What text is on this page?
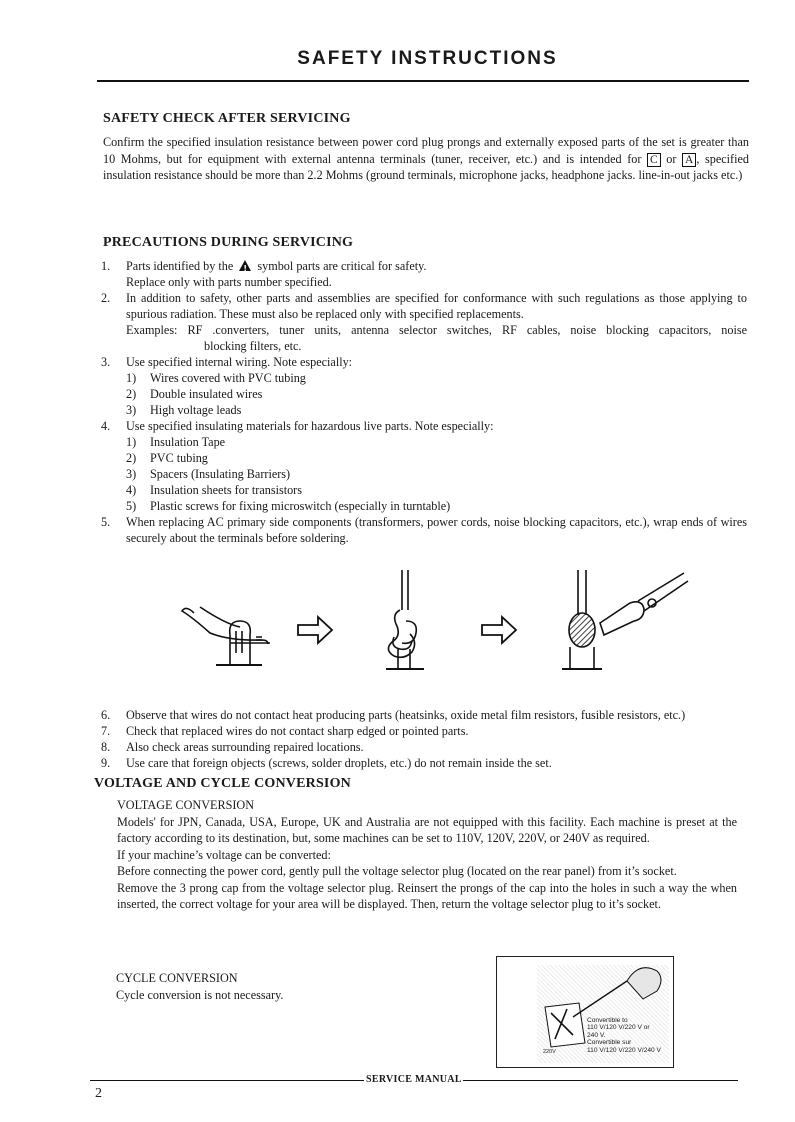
SAFETY INSTRUCTIONS
SAFETY CHECK AFTER SERVICING

Confirm the specified insulation resistance between power cord plug prongs and externally exposed parts of the set is greater than 10 Mohms, but for equipment with external antenna terminals (tuner, receiver, etc.) and is intended for C or A , specified insulation resistance should be more than 2.2 Mohms (ground terminals, microphone jacks, headphone jacks. line-in-out jacks etc.)

PRECAUTIONS DURING SERVICING
1. Parts identified by the ! symbol parts are critical for safety.
Replace only with parts number specified.
2. In addition to safety, other parts and assemblies are specified for conformance with such regulations as those applying to spurious radiation. These must also be replaced only with specified replacements.

Examples: RF .converters, tuner units, antenna selector switches, RF cables, noise blocking capacitors, noise
blocking filters, etc.
3. Use specified internal wiring. Note especially:
1) Wires covered with PVC tubing
2) Double insulated wires
3) High voltage leads
4. Use specified insulating materials for hazardous live parts. Note especially:
1) Insulation Tape
2) PVC tubing
3) Spacers (Insulating Barriers)
4) Insulation sheets for transistors
5) Plastic screws for fixing microswitch (especially in turntable)
5. When replacing AC primary side components (transformers, power cords, noise blocking capacitors, etc.), wrap ends of wires securely about the terminals before soldering.
6. Observe that wires do not contact heat producing parts (heatsinks, oxide metal film resistors, fusible resistors, etc.)
7. Check that replaced wires do not contact sharp edged or pointed parts.
8. Also check areas surrounding repaired locations.
9. Use care that foreign objects (screws, solder droplets, etc.) do not remain inside the set.
VOLTAGE AND CYCLE CONVERSION
VOLTAGE CONVERSION
Models' for JPN, Canada, USA, Europe, UK and Australia are not equipped with this facility. Each machine is preset at the factory according to its destination, but, some machines can be set to 110V, 120V, 220V, or 240V as required.
If your machine’s voltage can be converted:
Before connecting the power cord, gently pull the voltage selector plug (located on the rear panel) from it’s socket.
Remove the 3 prong cap from the voltage selector plug. Reinsert the prongs of the cap into the holes in such a way the when inserted, the correct voltage for your area will be displayed. Then, return the voltage selector plug to it’s socket.
CYCLE CONVERSION
Cycle conversion is not necessary.
Convertible to
110 V/120 V/220 V or
240 V.
Convertible sur
110 V/120 V/220 V/240 V
220V
SERVICE MANUAL
2
